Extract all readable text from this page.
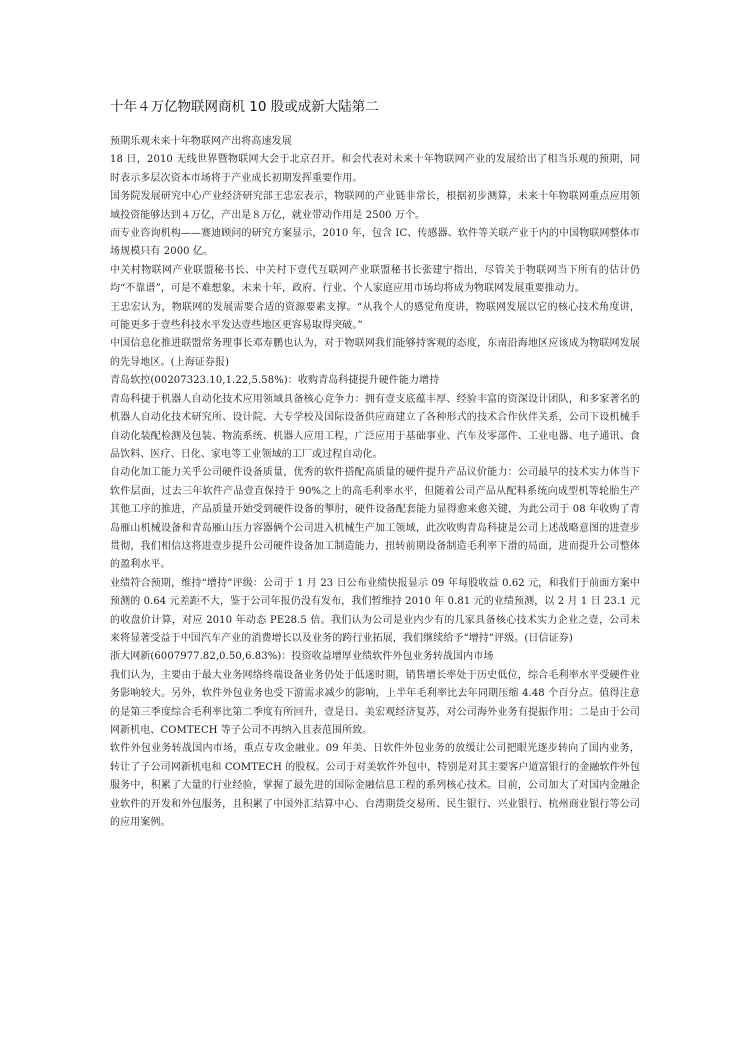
十年４万亿物联网商机 10 股或成新大陆第二

预期乐观未来十年物联网产出将高速发展

18 日，2010 无线世界暨物联网大会于北京召开。和会代表对未来十年物联网产业的发展给出了相当乐观的预期，同时表示多层次资本市场将于产业成长初期发挥重要作用。

国务院发展研究中心产业经济研究部王忠宏表示，物联网的产业链非常长，根据初步测算，未来十年物联网重点应用领域投资能够达到４万亿，产出是８万亿，就业带动作用是 2500 万个。

而专业咨询机构——赛迪顾问的研究方案显示，2010 年，包含 IC、传感器、软件等关联产业于内的中国物联网整体市场规模只有 2000 亿。

中关村物联网产业联盟秘书长、中关村下壹代互联网产业联盟秘书长张建宁指出，尽管关于物联网当下所有的估计仍均“不靠谱”，可是不难想象，未来十年，政府、行业、个人家庭应用市场均将成为物联网发展重要推动力。

王忠宏认为，物联网的发展需要合适的资源要素支撑。“从我个人的感觉角度讲，物联网发展以它的核心技术角度讲，可能更多于壹些科技水平发达壹些地区更容易取得突破。”

中国信息化推进联盟常务理事长邓寿鹏也认为，对于物联网我们能够持客观的态度，东南沿海地区应该成为物联网发展的先导地区。(上海证券报)

青岛软控(00207323.10,1.22,5.58%)：收购青岛科捷提升硬件能力增持

青岛科捷于机器人自动化技术应用领域具备核心竞争力：拥有壹支底蕴丰厚、经验丰富的资深设计团队，和多家著名的机器人自动化技术研究所、设计院、大专学校及国际设备供应商建立了各种形式的技术合作伙伴关系，公司下设机械手自动化装配检测及包装、物流系统、机器人应用工程，广泛应用于基础事业、汽车及零部件、工业电器、电子通讯、食品饮料、医疗、日化、家电等工业领域的工厂或过程自动化。

自动化加工能力关乎公司硬件设备质量，优秀的软件搭配高质量的硬件提升产品议价能力：公司最早的技术实力体当下软件层面，过去三年软件产品壹直保持于 90%之上的高毛利率水平，但随着公司产品从配料系统向成型机等轮胎生产其他工序的推进，产品质量开始受到硬件设备的掣肘，硬件设备配套能力显得愈来愈关键，为此公司于 08 年收购了青岛雁山机械设备和青岛雁山压力容器俩个公司进入机械生产加工领域，此次收购青岛科捷是公司上述战略意图的进壹步贯彻，我们相信这将进壹步提升公司硬件设备加工制造能力，扭转前期设备制造毛利率下滑的局面，进而提升公司整体的盈利水平。

业绩符合预期，维持“增持”评级：公司于 1 月 23 日公布业绩快报显示 09 年每股收益 0.62 元，和我们于前面方案中预测的 0.64 元差距不大，鉴于公司年报仍没有发布，我们暂维持 2010 年 0.81 元的业绩预测，以 2 月 1 日 23.1 元的收盘价计算，对应 2010 年动态 PE28.5 倍。我们认为公司是业内少有的几家具备核心技术实力企业之壹，公司未来将显著受益于中国汽车产业的消费增长以及业务的跨行业拓展，我们继续给予“增持”评级。(日信证券)

浙大网新(6007977.82,0.50,6.83%)：投资收益增厚业绩软件外包业务转战国内市场

我们认为，主要由于最大业务网络终端设备业务仍处于低迷时期，销售增长率处于历史低位，综合毛利率水平受硬件业务影响较大。另外，软件外包业务也受下游需求减少的影响，上半年毛利率比去年同期压缩 4.48 个百分点。值得注意的是第三季度综合毛利率比第二季度有所回升，壹是日、美宏观经济复苏，对公司海外业务有提振作用；二是由于公司网新机电、COMTECH 等子公司不再纳入且表范围所致。

软件外包业务转战国内市场，重点专攻金融业。09 年美、日软件外包业务的放缓让公司把眼光逐步转向了国内业务，转让了子公司网新机电和 COMTECH 的股权。公司于对美软件外包中，特别是对其主要客户道富银行的金融软件外包服务中，积累了大量的行业经验，掌握了最先进的国际金融信息工程的系列核心技术。目前，公司加大了对国内金融企业软件的开发和外包服务，且积累了中国外汇结算中心、台湾期货交易所、民生银行、兴业银行、杭州商业银行等公司的应用案例。
